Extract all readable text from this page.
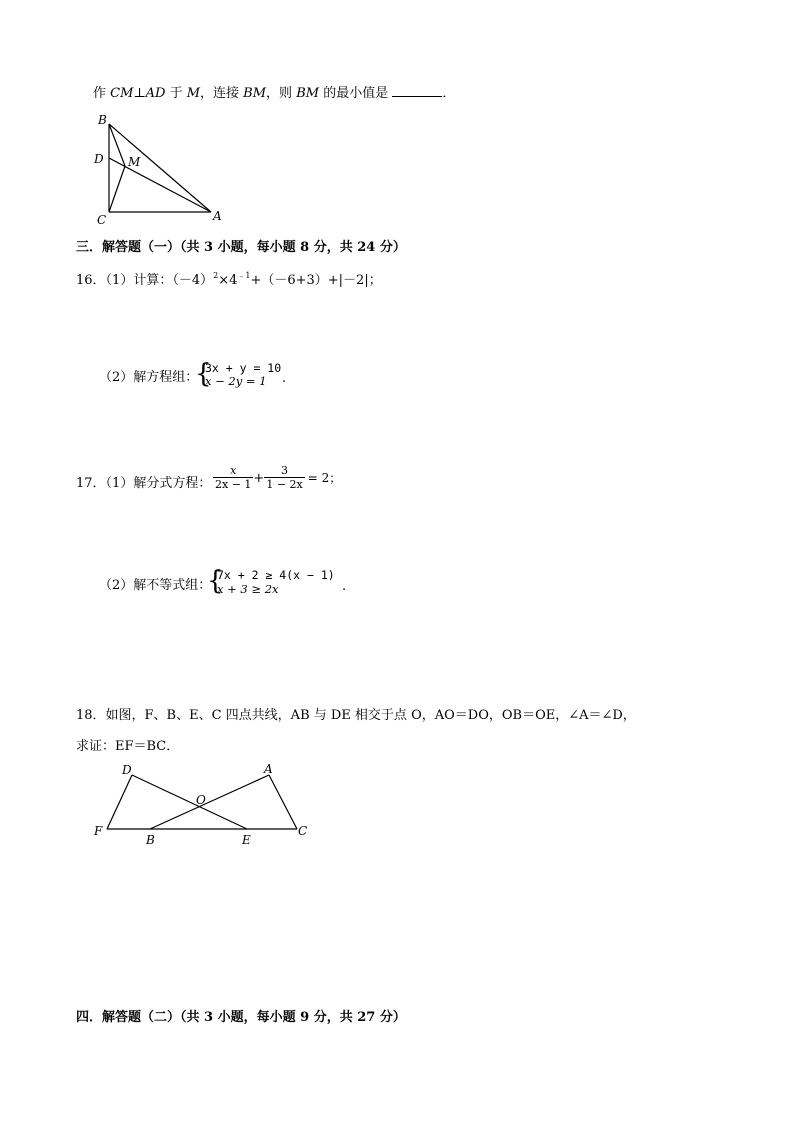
作 CM⊥AD 于 M，连接 BM，则 BM 的最小值是	．
B
D M
C	A
三．解答题（一）（共 3 小题，每小题 8 分，共 24 分）
16．（1）计算：$(-4)^2\times 4^{﹣1}+(-6+3)+|-2|$；
（2）解方程组：
{
3x + y = 10
x − 2y = 1 .
17．（1）解分式方程： $\frac{x}{2x - 1} + \frac{3}{1 - 2x} = 2$；
（2）解不等式组：
{
7x + 2 ≥ 4(x − 1)
x + 3 ≥ 2x	.
18．如图，F、B、E、C 四点共线，AB 与 DE 相交于点 O，AO＝DO，OB＝OE，∠A＝∠D，
求证：EF＝BC．
D	A
O
F
B	E
C
四．解答题（二）（共 3 小题，每小题 9 分，共 27 分）
